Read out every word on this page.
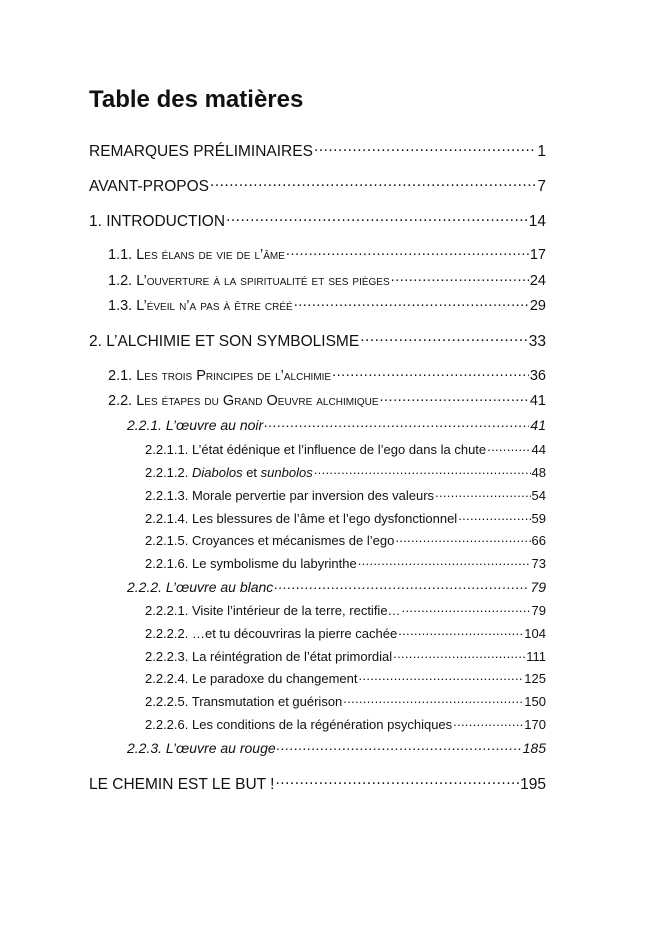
Table des matières
REMARQUES PRÉLIMINAIRES .....	1
AVANT-PROPOS .....	7
1. INTRODUCTION .....	14
1.1. Les élans de vie de l’âme .....	17
1.2. L’ouverture à la spiritualité et ses pièges .....	24
1.3. L’éveil n’a pas à être créé .....	29
2. L’ALCHIMIE ET SON SYMBOLISME .....	33
2.1. Les trois Principes de l’alchimie .....	36
2.2. Les étapes du Grand Oeuvre alchimique .....	41
2.2.1. L’œuvre au noir .....	41
2.2.1.1. L’état édénique et l’influence de l’ego dans la chute .....	44
2.2.1.2. Diabolos et sunbolos .....	48
2.2.1.3. Morale pervertie par inversion des valeurs .....	54
2.2.1.4. Les blessures de l’âme et l’ego dysfonctionnel .....	59
2.2.1.5. Croyances et mécanismes de l’ego .....	66
2.2.1.6. Le symbolisme du labyrinthe .....	73
2.2.2. L’œuvre au blanc .....	79
2.2.2.1. Visite l’intérieur de la terre, rectifie… .....	79
2.2.2.2. …et tu découvriras la pierre cachée .....	104
2.2.2.3. La réintégration de l’état primordial .....	111
2.2.2.4. Le paradoxe du changement .....	125
2.2.2.5. Transmutation et guérison .....	150
2.2.2.6. Les conditions de la régénération psychiques .....	170
2.2.3. L’œuvre au rouge .....	185
LE CHEMIN EST LE BUT ! .....	195
